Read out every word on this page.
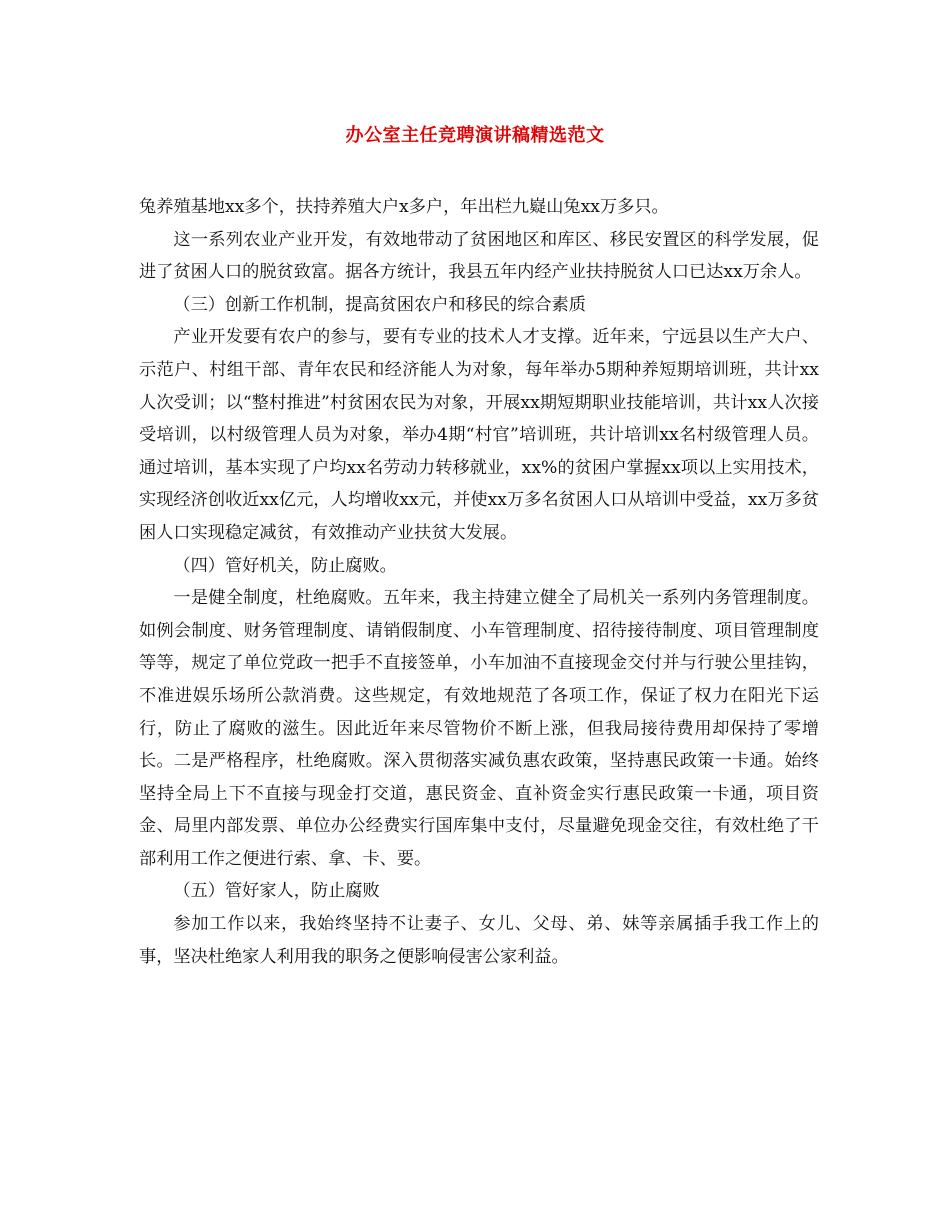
办公室主任竞聘演讲稿精选范文

兔养殖基地xx多个，扶持养殖大户x多户，年出栏九嶷山兔xx万多只。

这一系列农业产业开发，有效地带动了贫困地区和库区、移民安置区的科学发展，促进了贫困人口的脱贫致富。据各方统计，我县五年内经产业扶持脱贫人口已达xx万余人。

（三）创新工作机制，提高贫困农户和移民的综合素质

产业开发要有农户的参与，要有专业的技术人才支撑。近年来，宁远县以生产大户、示范户、村组干部、青年农民和经济能人为对象，每年举办5期种养短期培训班，共计xx人次受训；以“整村推进”村贫困农民为对象，开展xx期短期职业技能培训，共计xx人次接受培训，以村级管理人员为对象，举办4期“村官”培训班，共计培训xx名村级管理人员。通过培训，基本实现了户均xx名劳动力转移就业，xx%的贫困户掌握xx项以上实用技术，实现经济创收近xx亿元，人均增收xx元，并使xx万多名贫困人口从培训中受益，xx万多贫困人口实现稳定减贫，有效推动产业扶贫大发展。

（四）管好机关，防止腐败。

一是健全制度，杜绝腐败。五年来，我主持建立健全了局机关一系列内务管理制度。如例会制度、财务管理制度、请销假制度、小车管理制度、招待接待制度、项目管理制度等等，规定了单位党政一把手不直接签单，小车加油不直接现金交付并与行驶公里挂钩，不准进娱乐场所公款消费。这些规定，有效地规范了各项工作，保证了权力在阳光下运行，防止了腐败的滋生。因此近年来尽管物价不断上涨，但我局接待费用却保持了零增长。二是严格程序，杜绝腐败。深入贯彻落实减负惠农政策，坚持惠民政策一卡通。始终坚持全局上下不直接与现金打交道，惠民资金、直补资金实行惠民政策一卡通，项目资金、局里内部发票、单位办公经费实行国库集中支付，尽量避免现金交往，有效杜绝了干部利用工作之便进行索、拿、卡、要。

（五）管好家人，防止腐败

参加工作以来，我始终坚持不让妻子、女儿、父母、弟、妹等亲属插手我工作上的事，坚决杜绝家人利用我的职务之便影响侵害公家利益。
